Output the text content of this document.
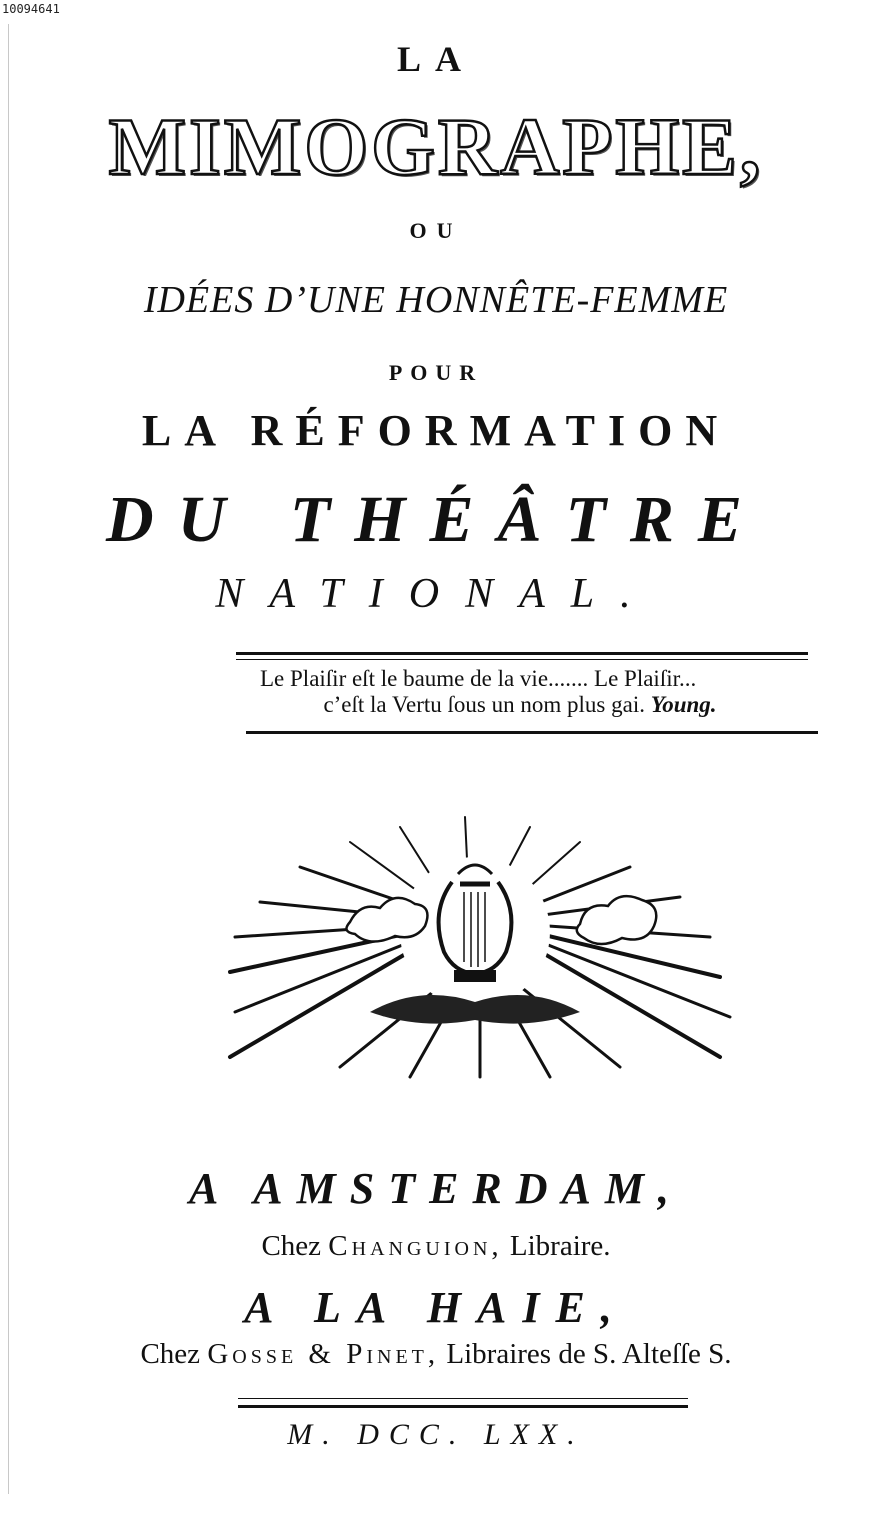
10094641
LA
MIMOGRAPHE,
OU
IDÉES D’UNE HONNÊTE-FEMME
POUR
LA RÉFORMATION
DU THÉÂTRE
NATIONAL.
Le Plaiſir eſt le baume de la vie....... Le Plaiſir...
c’eſt la Vertu ſous un nom plus gai. Young.
A AMSTERDAM,
Chez Changuion, Libraire.
A LA HAIE,
Chez Gosse & Pinet, Libraires de S. Alteſſe S.
M. DCC. LXX.
